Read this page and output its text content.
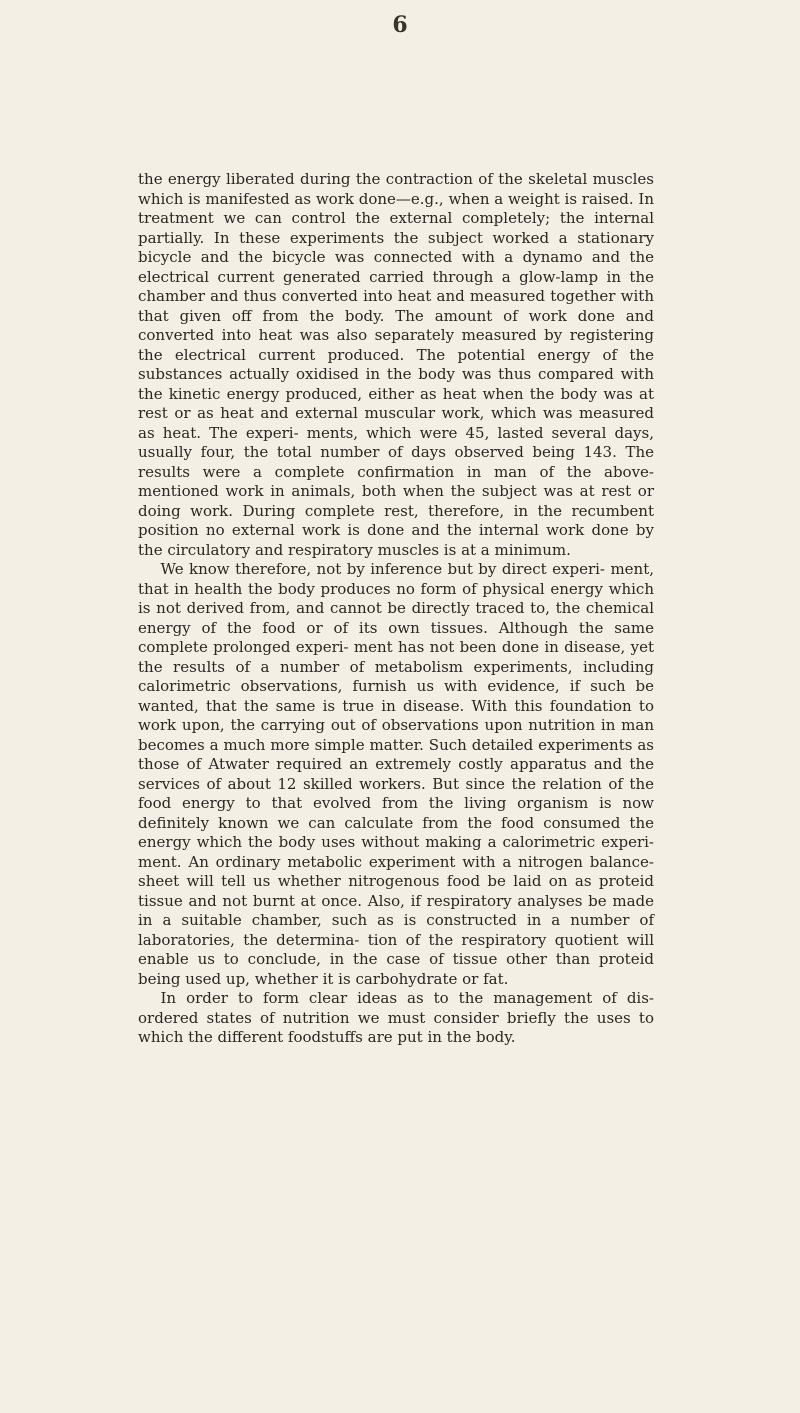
6

the energy liberated during the contraction of the skeletal muscles which is manifested as work done—e.g., when a weight is raised. In treatment we can control the external completely; the internal partially. In these experiments the subject worked a stationary bicycle and the bicycle was connected with a dynamo and the electrical current generated carried through a glow-lamp in the chamber and thus converted into heat and measured together with that given off from the body. The amount of work done and converted into heat was also separately measured by registering the electrical current produced. The potential energy of the substances actually oxidised in the body was thus compared with the kinetic energy produced, either as heat when the body was at rest or as heat and external muscular work, which was measured as heat. The experi- ments, which were 45, lasted several days, usually four, the total number of days observed being 143. The results were a complete confirmation in man of the above-mentioned work in animals, both when the subject was at rest or doing work. During complete rest, therefore, in the recumbent position no external work is done and the internal work done by the circulatory and respiratory muscles is at a minimum.

We know therefore, not by inference but by direct experi- ment, that in health the body produces no form of physical energy which is not derived from, and cannot be directly traced to, the chemical energy of the food or of its own tissues. Although the same complete prolonged experi- ment has not been done in disease, yet the results of a number of metabolism experiments, including calorimetric observations, furnish us with evidence, if such be wanted, that the same is true in disease. With this foundation to work upon, the carrying out of observations upon nutrition in man becomes a much more simple matter. Such detailed experiments as those of Atwater required an extremely costly apparatus and the services of about 12 skilled workers. But since the relation of the food energy to that evolved from the living organism is now definitely known we can calculate from the food consumed the energy which the body uses without making a calorimetric experi- ment. An ordinary metabolic experiment with a nitrogen balance-sheet will tell us whether nitrogenous food be laid on as proteid tissue and not burnt at once. Also, if respiratory analyses be made in a suitable chamber, such as is constructed in a number of laboratories, the determina- tion of the respiratory quotient will enable us to conclude, in the case of tissue other than proteid being used up, whether it is carbohydrate or fat.

In order to form clear ideas as to the management of dis- ordered states of nutrition we must consider briefly the uses to which the different foodstuffs are put in the body.
